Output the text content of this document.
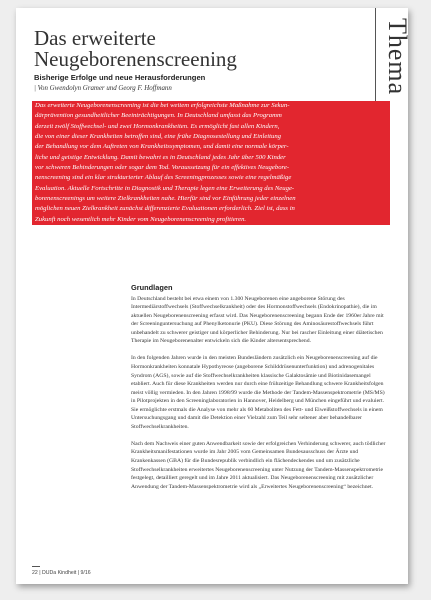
Das erweiterte
Neugeborenenscreening
Bisherige Erfolge und neue Herausforderungen
| Von Gwendolyn Gramer und Georg F. Hoffmann	Thema
Das erweiterte Neugeborenenscreening ist die bei weitem erfolgreichste Maßnahme zur Sekun-
därprävention gesundheitlicher Beeinträchtigungen. In Deutschland umfasst das Programm
derzeit zwölf Stoffwechsel- und zwei Hormonkrankheiten. Es ermöglicht fast allen Kindern,
die von einer dieser Krankheiten betroffen sind, eine frühe Diagnosestellung und Einleitung
der Behandlung vor dem Auftreten von Krankheitssymptomen, und damit eine normale körper-
liche und geistige Entwicklung. Damit bewahrt es in Deutschland jedes Jahr über 500 Kinder
vor schweren Behinderungen oder sogar dem Tod. Voraussetzung für ein effektives Neugebore-
nenscreening sind ein klar strukturierter Ablauf des Screeningprozesses sowie eine regelmäßige
Evaluation. Aktuelle Fortschritte in Diagnostik und Therapie legen eine Erweiterung des Neuge-
borenenscreenings um weitere Zielkrankheiten nahe. Hierfür sind vor Einführung jeder einzelnen
möglichen neuen Zielkrankheit zunächst differenzierte Evaluationen erforderlich. Ziel ist, dass in
Zukunft noch wesentlich mehr Kinder vom Neugeborenenscreening profitieren.
Grundlagen

In Deutschland besteht bei etwa einem von 1.300 Neugeborenen eine angeborene Störung des Intermediärstoffwechsels (Stoffwechselkrankheit) oder des Hormonstoffwechsels (Endokrinopathie), die im aktuellen Neugeborenenscreening erfasst wird. Das Neugeborenenscreening begann Ende der 1960er Jahre mit der Screeninguntersuchung auf Phenylketonurie (PKU). Diese Störung des Aminosäurestoffwechsels führt unbehandelt zu schwerer geistiger und körperlicher Behinderung. Nur bei rascher Einleitung einer diätetischen Therapie im Neugeborenenalter entwickeln sich die Kinder altersentsprechend.

In den folgenden Jahren wurde in den meisten Bundesländern zusätzlich ein Neugeborenenscreening auf die Hormonkrankheiten konnatale Hypothyreose (angeborene Schilddrüsenunterfunktion) und adrenogenitales Syndrom (AGS), sowie auf die Stoffwechselkrankheiten klassische Galaktosämie und Biotinidasemangel etabliert. Auch für diese Krankheiten werden nur durch eine frühzeitige Behandlung schwere Krankheitsfolgen meist völlig vermieden. In den Jahren 1998/99 wurde die Methode der Tandem-Massenspektrometrie (MS/MS) in Pilotprojekten in den Screeninglaboratorien in Hannover, Heidelberg und München eingeführt und evaluiert. Sie ermöglichte erstmals die Analyse von mehr als 60 Metaboliten des Fett- und Eiweißstoffwechsels in einem Untersuchungsgang und damit die Detektion einer Vielzahl zum Teil sehr seltener aber behandelbarer Stoffwechselkrankheiten.

Nach dem Nachweis einer guten Anwendbarkeit sowie der erfolgreichen Verhinderung schwerer, auch tödlicher Krankheitsmanifestationen wurde im Jahr 2005 vom Gemeinsamen Bundesausschuss der Ärzte und Krankenkassen (GBA) für die Bundesrepublik verbindlich ein flächendeckendes und um zusätzliche Stoffwechselkrankheiten erweitertes Neugeborenenscreening unter Nutzung der Tandem-Massenspektrometrie festgelegt, detailliert geregelt und im Jahre 2011 aktualisiert. Das Neugeborenenscreening mit zusätzlicher Anwendung der Tandem-Massenspektrometrie wird als „Erweitertes Neugeborenenscreening“ bezeichnet.

22 | DUDa Kindheit | 9/16
